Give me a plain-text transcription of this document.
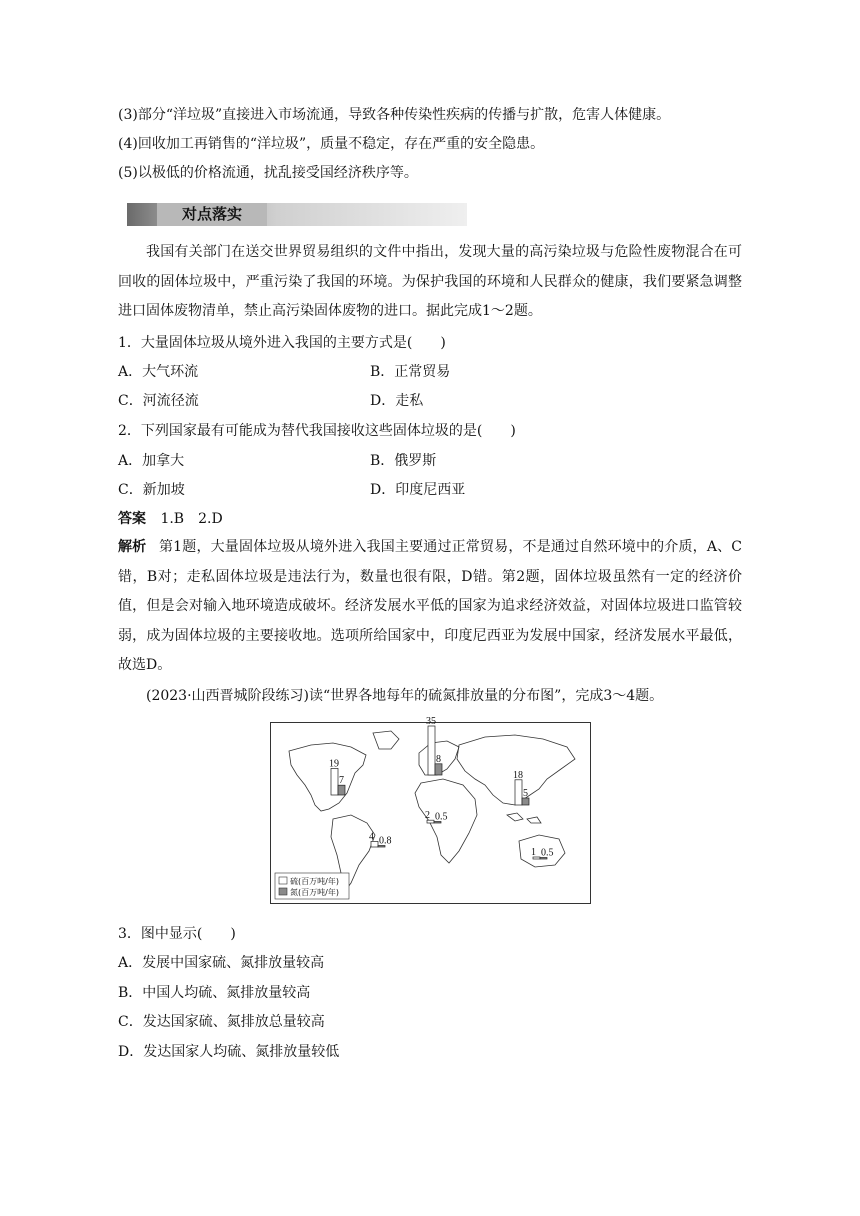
(3)部分“洋垃圾”直接进入市场流通，导致各种传染性疾病的传播与扩散，危害人体健康。
(4)回收加工再销售的“洋垃圾”，质量不稳定，存在严重的安全隐患。
(5)以极低的价格流通，扰乱接受国经济秩序等。
对点落实
我国有关部门在送交世界贸易组织的文件中指出，发现大量的高污染垃圾与危险性废物混合在可回收的固体垃圾中，严重污染了我国的环境。为保护我国的环境和人民群众的健康，我们要紧急调整进口固体废物清单，禁止高污染固体废物的进口。据此完成1～2题。
1．大量固体垃圾从境外进入我国的主要方式是(　　)
A．大气环流	B．正常贸易
C．河流径流	D．走私
2．下列国家最有可能成为替代我国接收这些固体垃圾的是(　　)
A．加拿大	B．俄罗斯
C．新加坡	D．印度尼西亚
答案 1.B　2.D
解析 第1题，大量固体垃圾从境外进入我国主要通过正常贸易，不是通过自然环境中的介质，A、C错，B对；走私固体垃圾是违法行为，数量也很有限，D错。第2题，固体垃圾虽然有一定的经济价值，但是会对输入地环境造成破坏。经济发展水平低的国家为追求经济效益，对固体垃圾进口监管较弱，成为固体垃圾的主要接收地。选项所给国家中，印度尼西亚为发展中国家，经济发展水平最低，故选D。
(2023·山西晋城阶段练习)读“世界各地每年的硫氮排放量的分布图”，完成3～4题。
19
7
35
8
18
5
2 0.5
4 0.8
1 0.5
硫(百万吨/年)
氮(百万吨/年)
3．图中显示(　　)
A．发展中国家硫、氮排放量较高
B．中国人均硫、氮排放量较高
C．发达国家硫、氮排放总量较高
D．发达国家人均硫、氮排放量较低
